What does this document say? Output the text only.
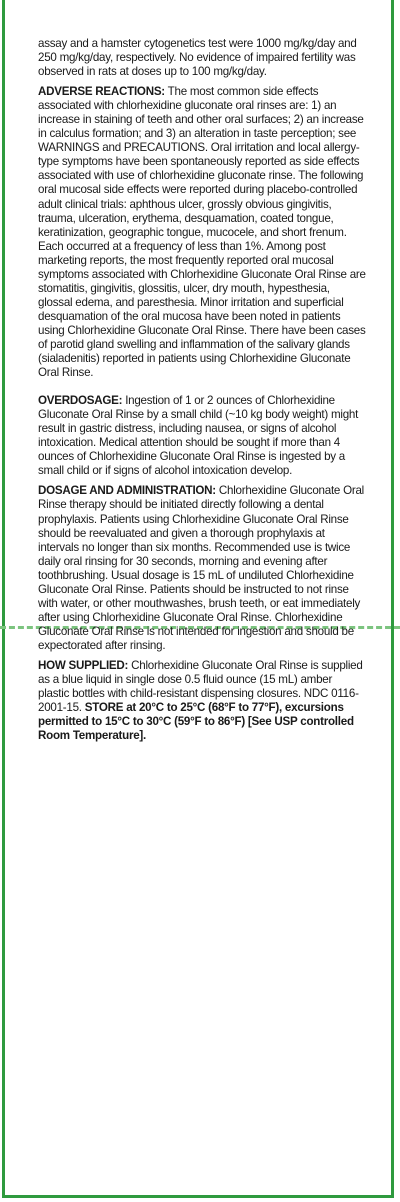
assay and a hamster cytogenetics test were 1000 mg/kg/day and 250 mg/kg/day, respectively. No evidence of impaired fertility was observed in rats at doses up to 100 mg/kg/day.

ADVERSE REACTIONS: The most common side effects associated with chlorhexidine gluconate oral rinses are: 1) an increase in staining of teeth and other oral surfaces; 2) an increase in calculus formation; and 3) an alteration in taste perception; see WARNINGS and PRECAUTIONS. Oral irritation and local allergy-type symptoms have been spontaneously reported as side effects associated with use of chlorhexidine gluconate rinse. The following oral mucosal side effects were reported during placebo-controlled adult clinical trials: aphthous ulcer, grossly obvious gingivitis, trauma, ulceration, erythema, desquamation, coated tongue, keratinization, geographic tongue, mucocele, and short frenum. Each occurred at a frequency of less than 1%. Among post marketing reports, the most frequently reported oral mucosal symptoms associated with Chlorhexidine Gluconate Oral Rinse are stomatitis, gingivitis, glossitis, ulcer, dry mouth, hypesthesia, glossal edema, and paresthesia. Minor irritation and superficial desquamation of the oral mucosa have been noted in patients using Chlorhexidine Gluconate Oral Rinse. There have been cases of parotid gland swelling and inflammation of the salivary glands (sialadenitis) reported in patients using Chlorhexidine Gluconate Oral Rinse.

OVERDOSAGE: Ingestion of 1 or 2 ounces of Chlorhexidine Gluconate Oral Rinse by a small child (~10 kg body weight) might result in gastric distress, including nausea, or signs of alcohol intoxication. Medical attention should be sought if more than 4 ounces of Chlorhexidine Gluconate Oral Rinse is ingested by a small child or if signs of alcohol intoxication develop.

DOSAGE AND ADMINISTRATION: Chlorhexidine Gluconate Oral Rinse therapy should be initiated directly following a dental prophylaxis. Patients using Chlorhexidine Gluconate Oral Rinse should be reevaluated and given a thorough prophylaxis at intervals no longer than six months. Recommended use is twice daily oral rinsing for 30 seconds, morning and evening after toothbrushing. Usual dosage is 15 mL of undiluted Chlorhexidine Gluconate Oral Rinse. Patients should be instructed to not rinse with water, or other mouthwashes, brush teeth, or eat immediately after using Chlorhexidine Gluconate Oral Rinse. Chlorhexidine Gluconate Oral Rinse is not intended for ingestion and should be expectorated after rinsing.

HOW SUPPLIED: Chlorhexidine Gluconate Oral Rinse is supplied as a blue liquid in single dose 0.5 fluid ounce (15 mL) amber plastic bottles with child-resistant dispensing closures. NDC 0116-2001-15. STORE at 20°C to 25°C (68°F to 77°F), excursions permitted to 15°C to 30°C (59°F to 86°F) [See USP controlled Room Temperature].
